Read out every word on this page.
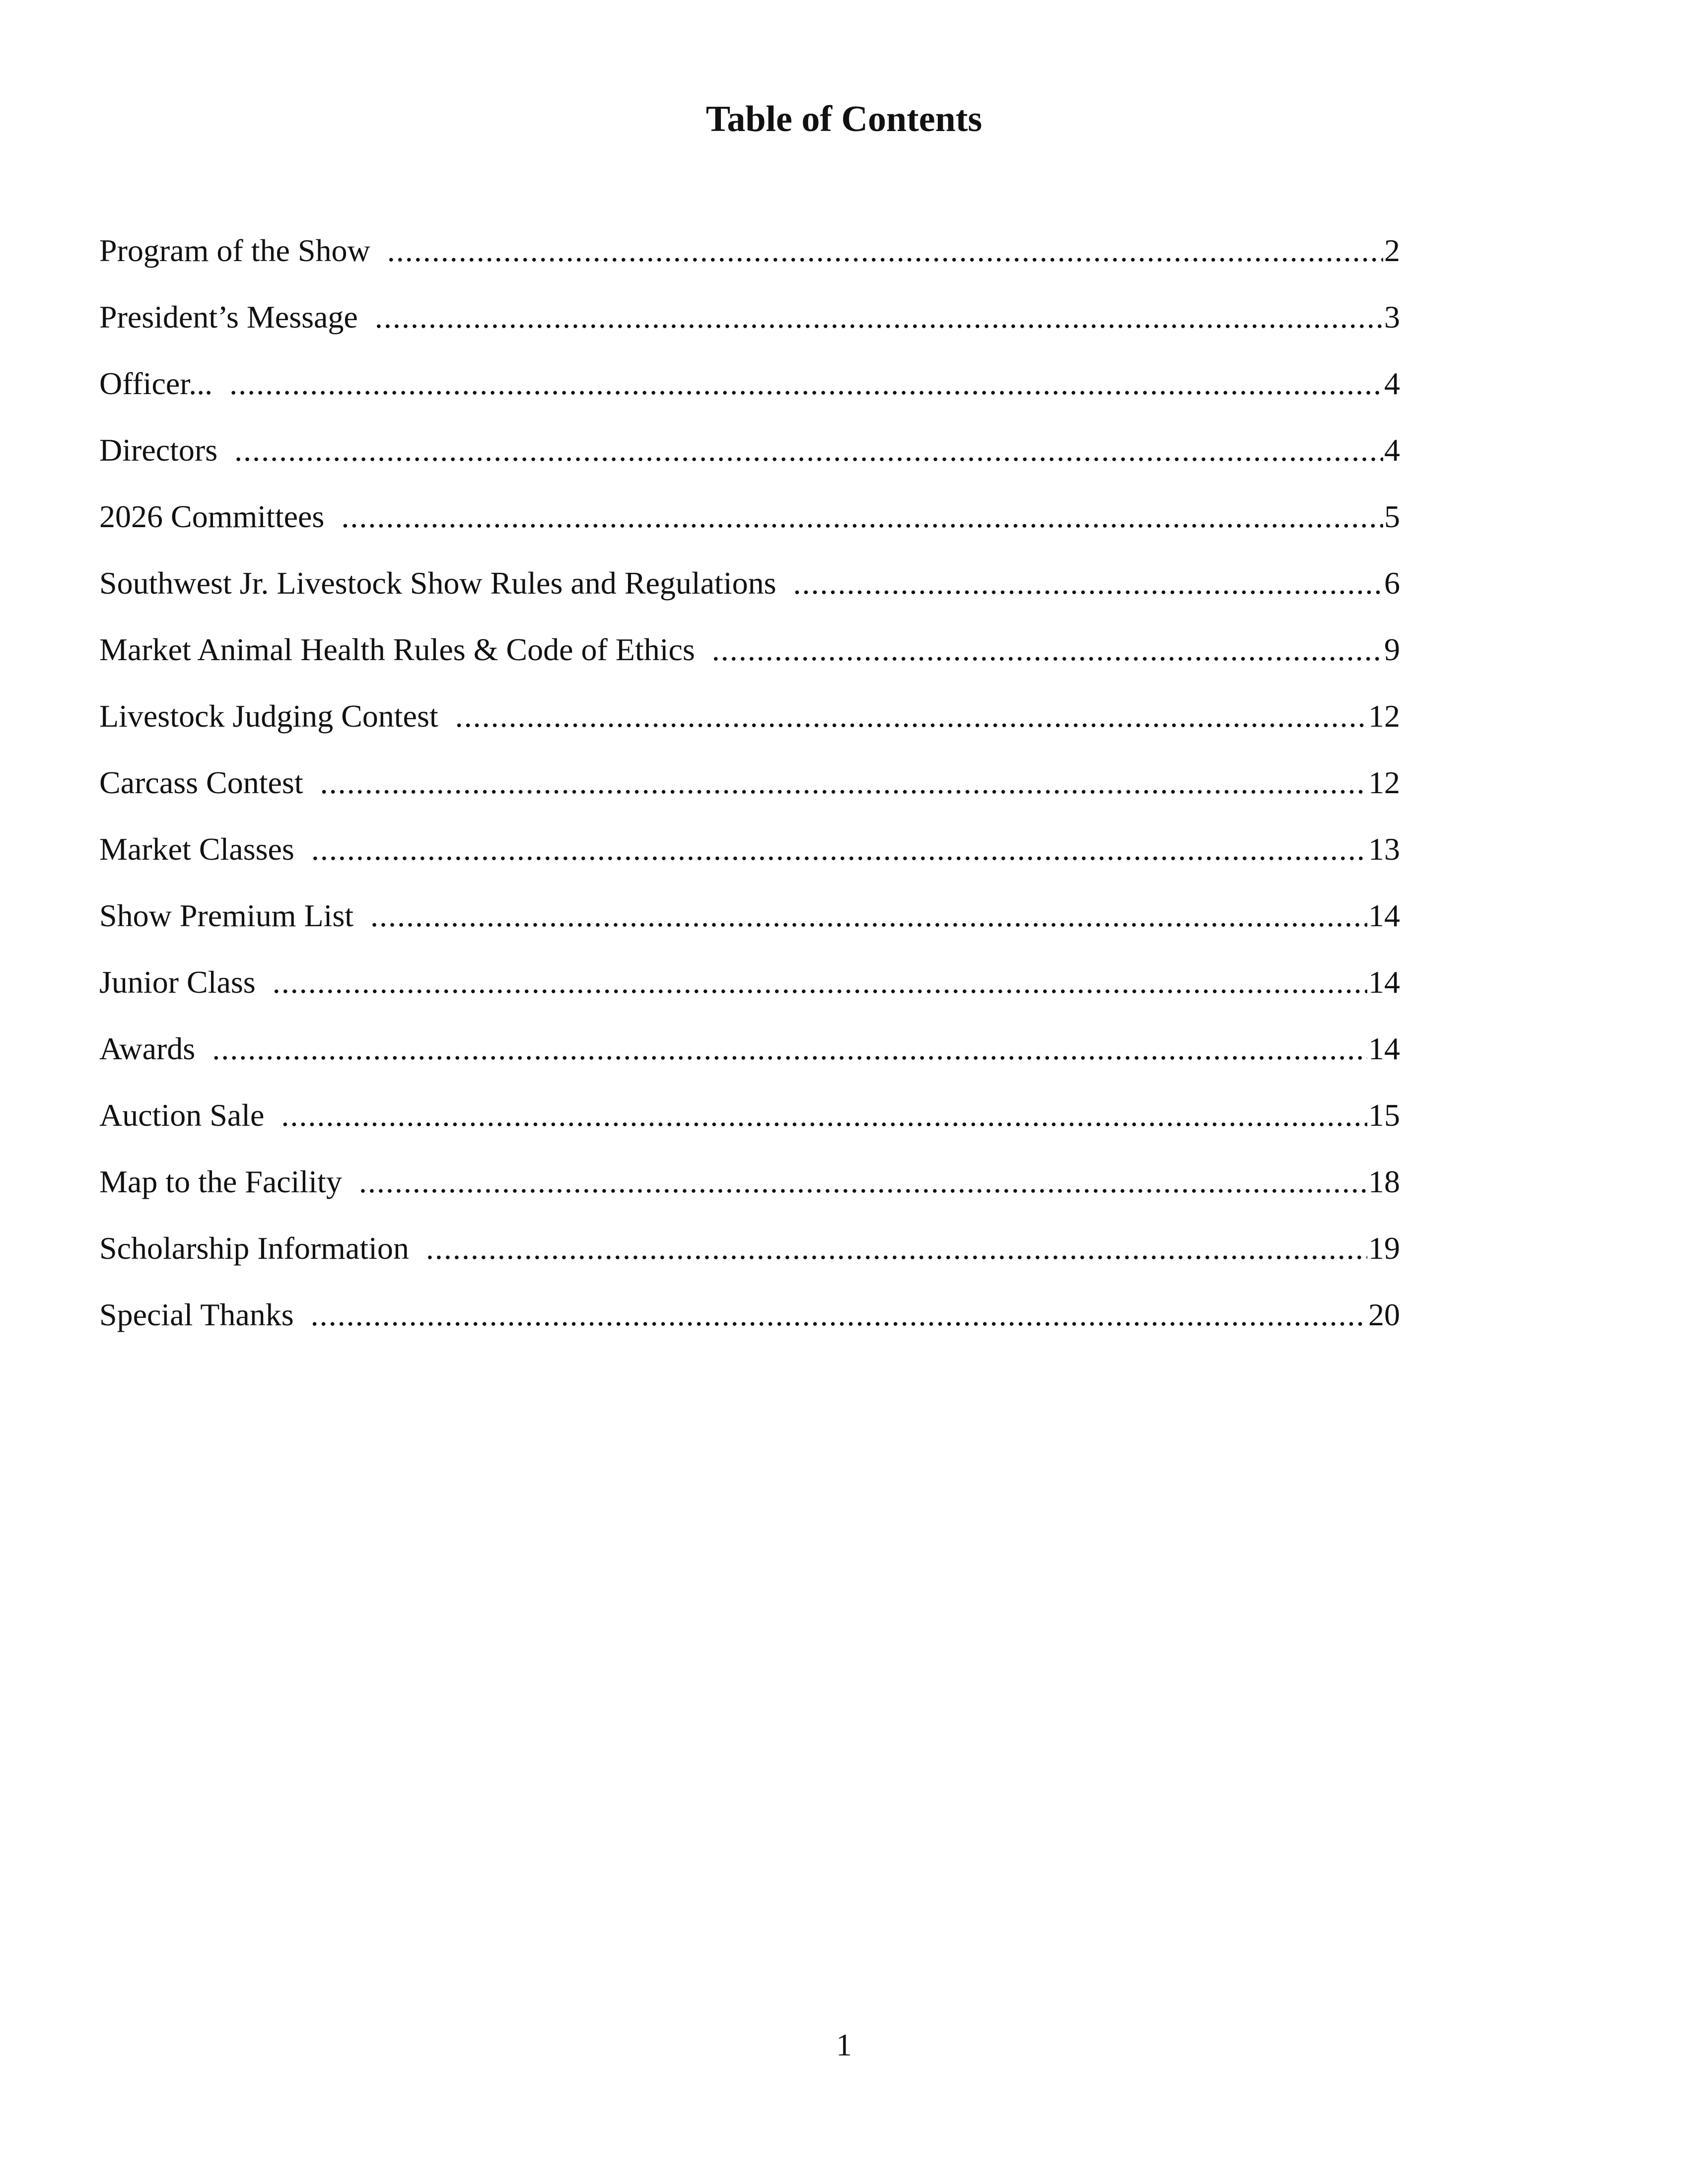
Table of Contents
Program of the Show .....	2
President’s Message .....	3
Officer... .....	4
Directors .....	4
2026 Committees .....	5
Southwest Jr. Livestock Show Rules and Regulations .....	6
Market Animal Health Rules & Code of Ethics .....	9
Livestock Judging Contest .....	12
Carcass Contest .....	12
Market Classes .....	13
Show Premium List .....	14
Junior Class .....	14
Awards .....	14
Auction Sale .....	15
Map to the Facility .....	18
Scholarship Information .....	19
Special Thanks .....	20
1
